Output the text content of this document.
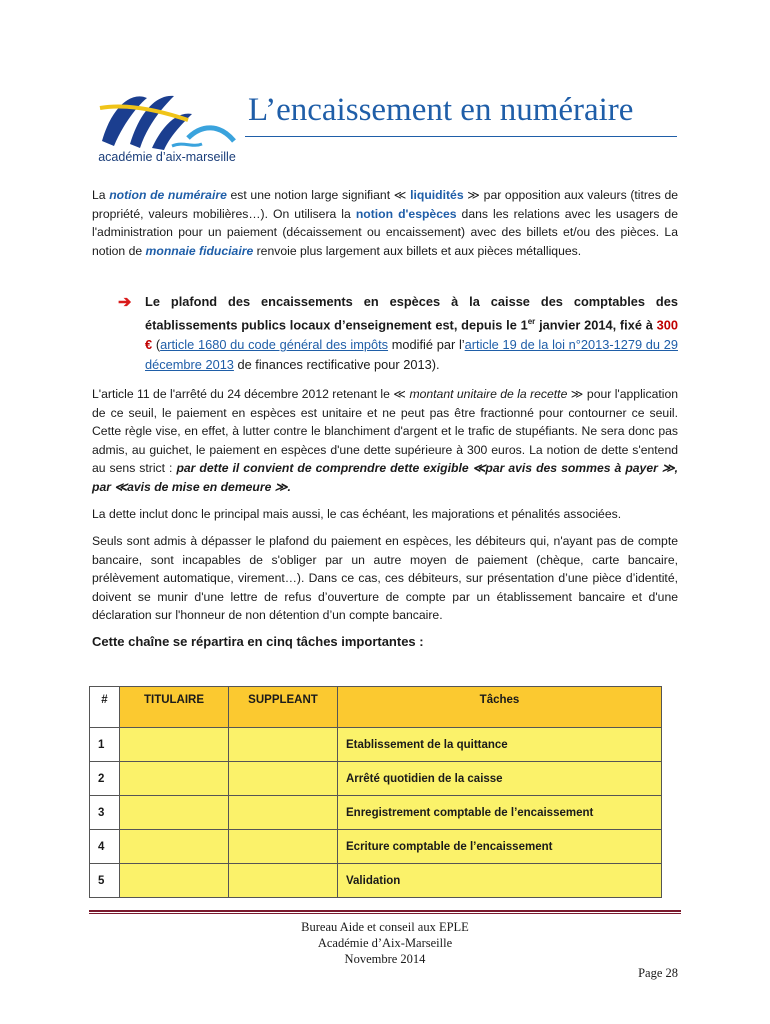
académie d’aix-marseille
L’encaissement en numéraire

La notion de numéraire est une notion large signifiant ≪ liquidités ≫ par opposition aux valeurs (titres de propriété, valeurs mobilières…). On utilisera la notion d'espèces dans les relations avec les usagers de l'administration pour un paiement (décaissement ou encaissement) avec des billets et/ou des pièces. La notion de monnaie fiduciaire renvoie plus largement aux billets et aux pièces métalliques.

➔ Le plafond des encaissements en espèces à la caisse des comptables des établissements publics locaux d’enseignement est, depuis le 1er janvier 2014, fixé à 300 € (article 1680 du code général des impôts modifié par l’article 19 de la loi n°2013-1279 du 29 décembre 2013 de finances rectificative pour 2013).

L'article 11 de l'arrêté du 24 décembre 2012 retenant le ≪ montant unitaire de la recette ≫ pour l'application de ce seuil, le paiement en espèces est unitaire et ne peut pas être fractionné pour contourner ce seuil. Cette règle vise, en effet, à lutter contre le blanchiment d'argent et le trafic de stupéfiants. Ne sera donc pas admis, au guichet, le paiement en espèces d'une dette supérieure à 300 euros. La notion de dette s'entend au sens strict : par dette il convient de comprendre dette exigible ≪par avis des sommes à payer ≫, par ≪avis de mise en demeure ≫.

La dette inclut donc le principal mais aussi, le cas échéant, les majorations et pénalités associées.

Seuls sont admis à dépasser le plafond du paiement en espèces, les débiteurs qui, n'ayant pas de compte bancaire, sont incapables de s'obliger par un autre moyen de paiement (chèque, carte bancaire, prélèvement automatique, virement…). Dans ce cas, ces débiteurs, sur présentation d’une pièce d’identité, doivent se munir d'une lettre de refus d’ouverture de compte par un établissement bancaire et d'une déclaration sur l'honneur de non détention d’un compte bancaire.

Cette chaîne se répartira en cinq tâches importantes :
#	TITULAIRE	SUPPLEANT	Tâches
1			Etablissement de la quittance
2			Arrêté quotidien de la caisse
3			Enregistrement comptable de l’encaissement
4			Ecriture comptable de l’encaissement
5			Validation
Bureau Aide et conseil aux EPLE
Académie d’Aix-Marseille
Novembre 2014
Page 28
